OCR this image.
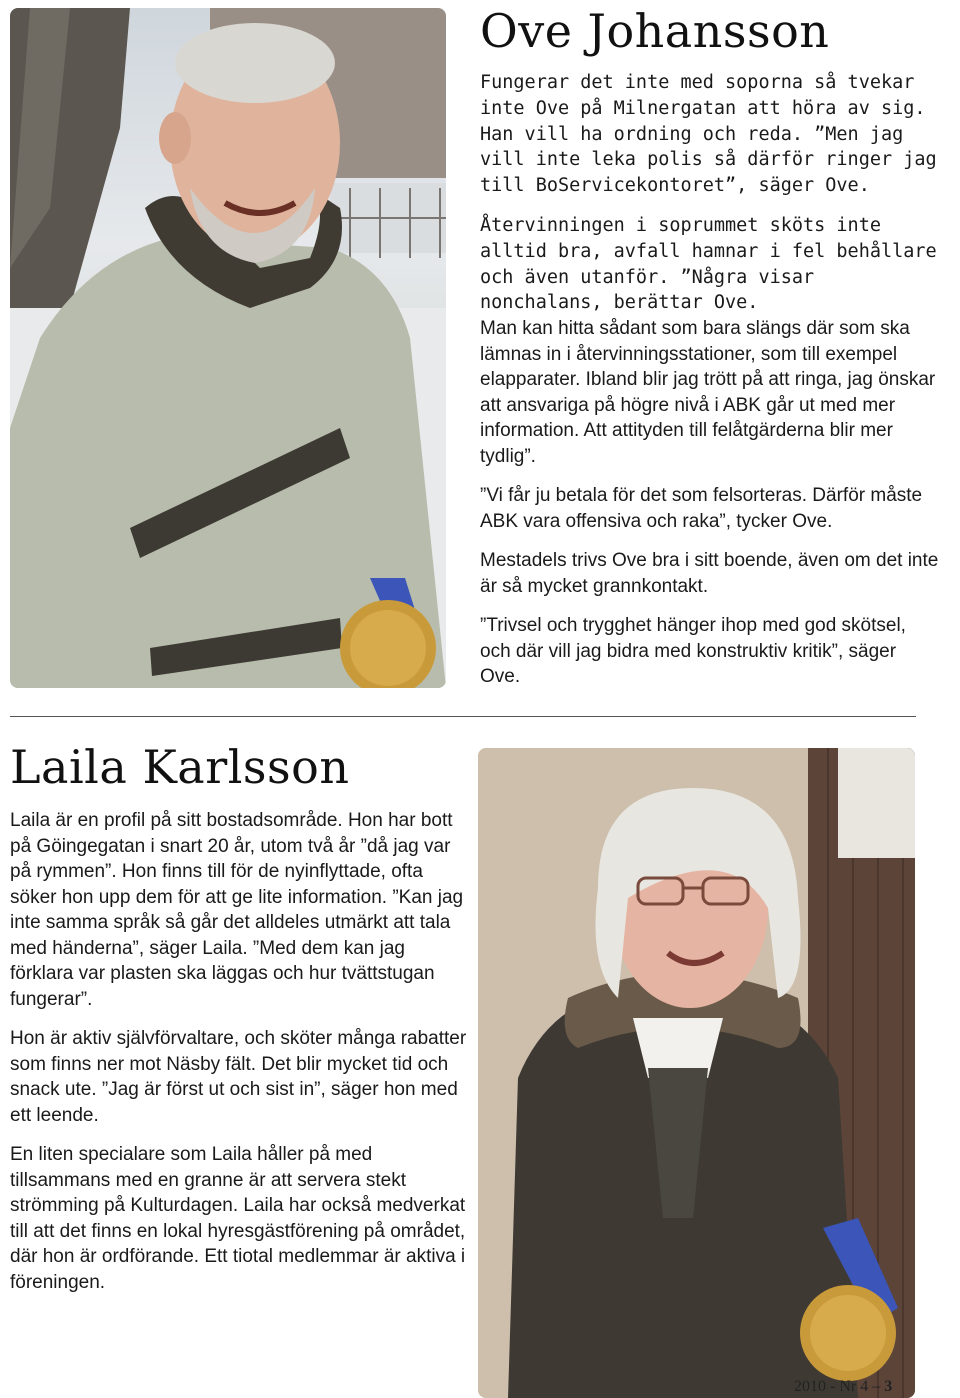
Ove Johansson

Fungerar det inte med soporna så tvekar inte Ove på Milnergatan att höra av sig. Han vill ha ordning och reda. ”Men jag vill inte leka polis så därför ringer jag till BoServicekontoret”, säger Ove.

Återvinningen i soprummet sköts inte alltid bra, avfall hamnar i fel behållare och även utanför. ”Några visar nonchalans, berättar Ove.

Man kan hitta sådant som bara slängs där som ska lämnas in i återvinningsstationer, som till exempel elapparater. Ibland blir jag trött på att ringa, jag önskar att ansvariga på högre nivå i ABK går ut med mer information. Att attityden till felåtgärderna blir mer tydlig”.

”Vi får ju betala för det som felsorteras. Därför måste ABK vara offensiva och raka”, tycker Ove.

Mestadels trivs Ove bra i sitt boende, även om det inte är så mycket grannkontakt.

”Trivsel och trygghet hänger ihop med god skötsel, och där vill jag bidra med konstruktiv kritik”, säger Ove.

Laila Karlsson

Laila är en profil på sitt bostadsområde. Hon har bott på Göingegatan i snart 20 år, utom två år ”då jag var på rymmen”. Hon finns till för de nyinflyttade, ofta söker hon upp dem för att ge lite information. ”Kan jag inte samma språk så går det alldeles utmärkt att tala med händerna”, säger Laila. ”Med dem kan jag förklara var plasten ska läggas och hur tvättstugan fungerar”.

Hon är aktiv självförvaltare, och sköter många rabatter som finns ner mot Näsby fält. Det blir mycket tid och snack ute. ”Jag är först ut och sist in”, säger hon med ett leende.

En liten specialare som Laila håller på med tillsammans med en granne är att servera stekt strömming på Kulturdagen. Laila har också medverkat till att det finns en lokal hyresgästförening på området, där hon är ordförande. Ett tiotal medlemmar är aktiva i föreningen.

2010 - Nr 4 – 3
